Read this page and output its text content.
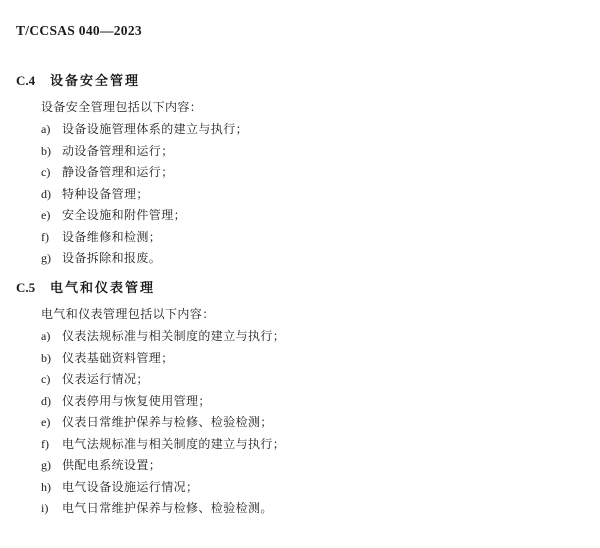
T/CCSAS 040—2023
C.4 设备安全管理

设备安全管理包括以下内容：

a) 设备设施管理体系的建立与执行；
b) 动设备管理和运行；
c) 静设备管理和运行；
d) 特种设备管理；
e) 安全设施和附件管理；
f) 设备维修和检测；
g) 设备拆除和报废。
C.5 电气和仪表管理

电气和仪表管理包括以下内容：

a) 仪表法规标准与相关制度的建立与执行；
b) 仪表基础资料管理；
c) 仪表运行情况；
d) 仪表停用与恢复使用管理；
e) 仪表日常维护保养与检修、检验检测；
f) 电气法规标准与相关制度的建立与执行；
g) 供配电系统设置；
h) 电气设备设施运行情况；
i) 电气日常维护保养与检修、检验检测。
